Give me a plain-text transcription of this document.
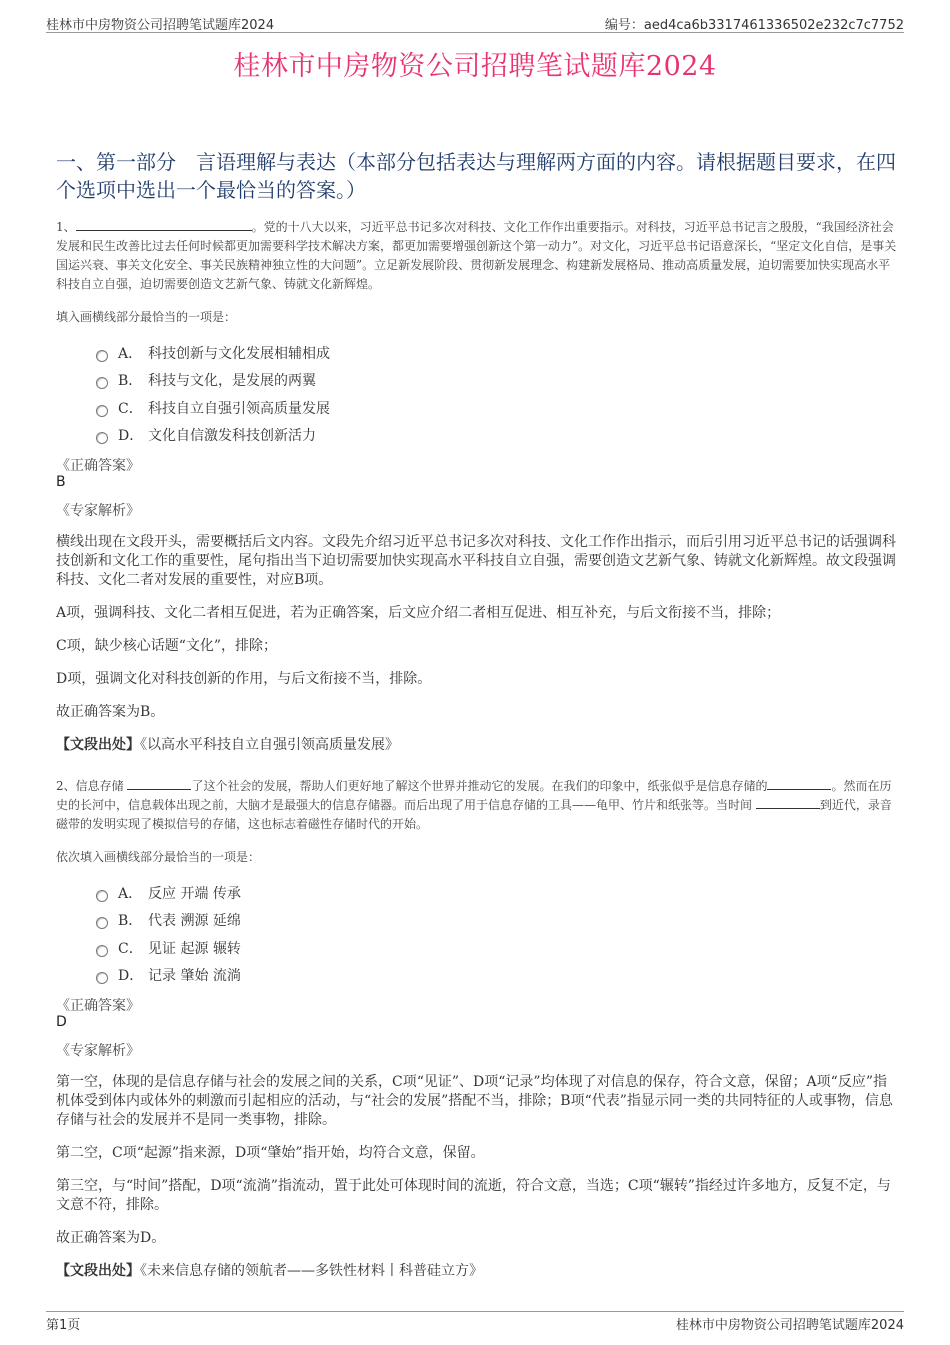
桂林市中房物资公司招聘笔试题库2024	编号：aed4ca6b3317461336502e232c7c7752
桂林市中房物资公司招聘笔试题库2024
一、第一部分　言语理解与表达（本部分包括表达与理解两方面的内容。请根据题目要求，在四个选项中选出一个最恰当的答案。）
1、	。党的十八大以来，习近平总书记多次对科技、文化工作作出重要指示。对科技，习近平总书记言之殷殷，“我国经济社会发展和民生改善比过去任何时候都更加需要科学技术解决方案，都更加需要增强创新这个第一动力”。对文化，习近平总书记语意深长，“坚定文化自信，是事关国运兴衰、事关文化安全、事关民族精神独立性的大问题”。立足新发展阶段、贯彻新发展理念、构建新发展格局、推动高质量发展，迫切需要加快实现高水平科技自立自强，迫切需要创造文艺新气象、铸就文化新辉煌。
填入画横线部分最恰当的一项是：
A． 科技创新与文化发展相辅相成
B． 科技与文化，是发展的两翼
C． 科技自立自强引领高质量发展
D． 文化自信激发科技创新活力
《正确答案》
B
《专家解析》
横线出现在文段开头，需要概括后文内容。文段先介绍习近平总书记多次对科技、文化工作作出指示，而后引用习近平总书记的话强调科技创新和文化工作的重要性，尾句指出当下迫切需要加快实现高水平科技自立自强，需要创造文艺新气象、铸就文化新辉煌。故文段强调科技、文化二者对发展的重要性，对应B项。
A项，强调科技、文化二者相互促进，若为正确答案，后文应介绍二者相互促进、相互补充，与后文衔接不当，排除；
C项，缺少核心话题“文化”，排除；
D项，强调文化对科技创新的作用，与后文衔接不当，排除。
故正确答案为B。
【文段出处】《以高水平科技自立自强引领高质量发展》
2、信息存储	了这个社会的发展，帮助人们更好地了解这个世界并推动它的发展。在我们的印象中，纸张似乎是信息存储的	。然而在历史的长河中，信息载体出现之前，大脑才是最强大的信息存储器。而后出现了用于信息存储的工具——龟甲、竹片和纸张等。当时间	到近代，录音磁带的发明实现了模拟信号的存储，这也标志着磁性存储时代的开始。
依次填入画横线部分最恰当的一项是：
A． 反应 开端 传承
B． 代表 溯源 延绵
C． 见证 起源 辗转
D． 记录 肇始 流淌
《正确答案》
D
《专家解析》
第一空，体现的是信息存储与社会的发展之间的关系，C项“见证”、D项“记录”均体现了对信息的保存，符合文意，保留；A项“反应”指机体受到体内或体外的刺激而引起相应的活动，与“社会的发展”搭配不当，排除；B项“代表”指显示同一类的共同特征的人或事物，信息存储与社会的发展并不是同一类事物，排除。
第二空，C项“起源”指来源，D项“肇始”指开始，均符合文意，保留。
第三空，与“时间”搭配，D项“流淌”指流动，置于此处可体现时间的流逝，符合文意，当选；C项“辗转”指经过许多地方，反复不定，与文意不符，排除。
故正确答案为D。
【文段出处】《未来信息存储的领航者——多铁性材料丨科普硅立方》
第1页	桂林市中房物资公司招聘笔试题库2024
